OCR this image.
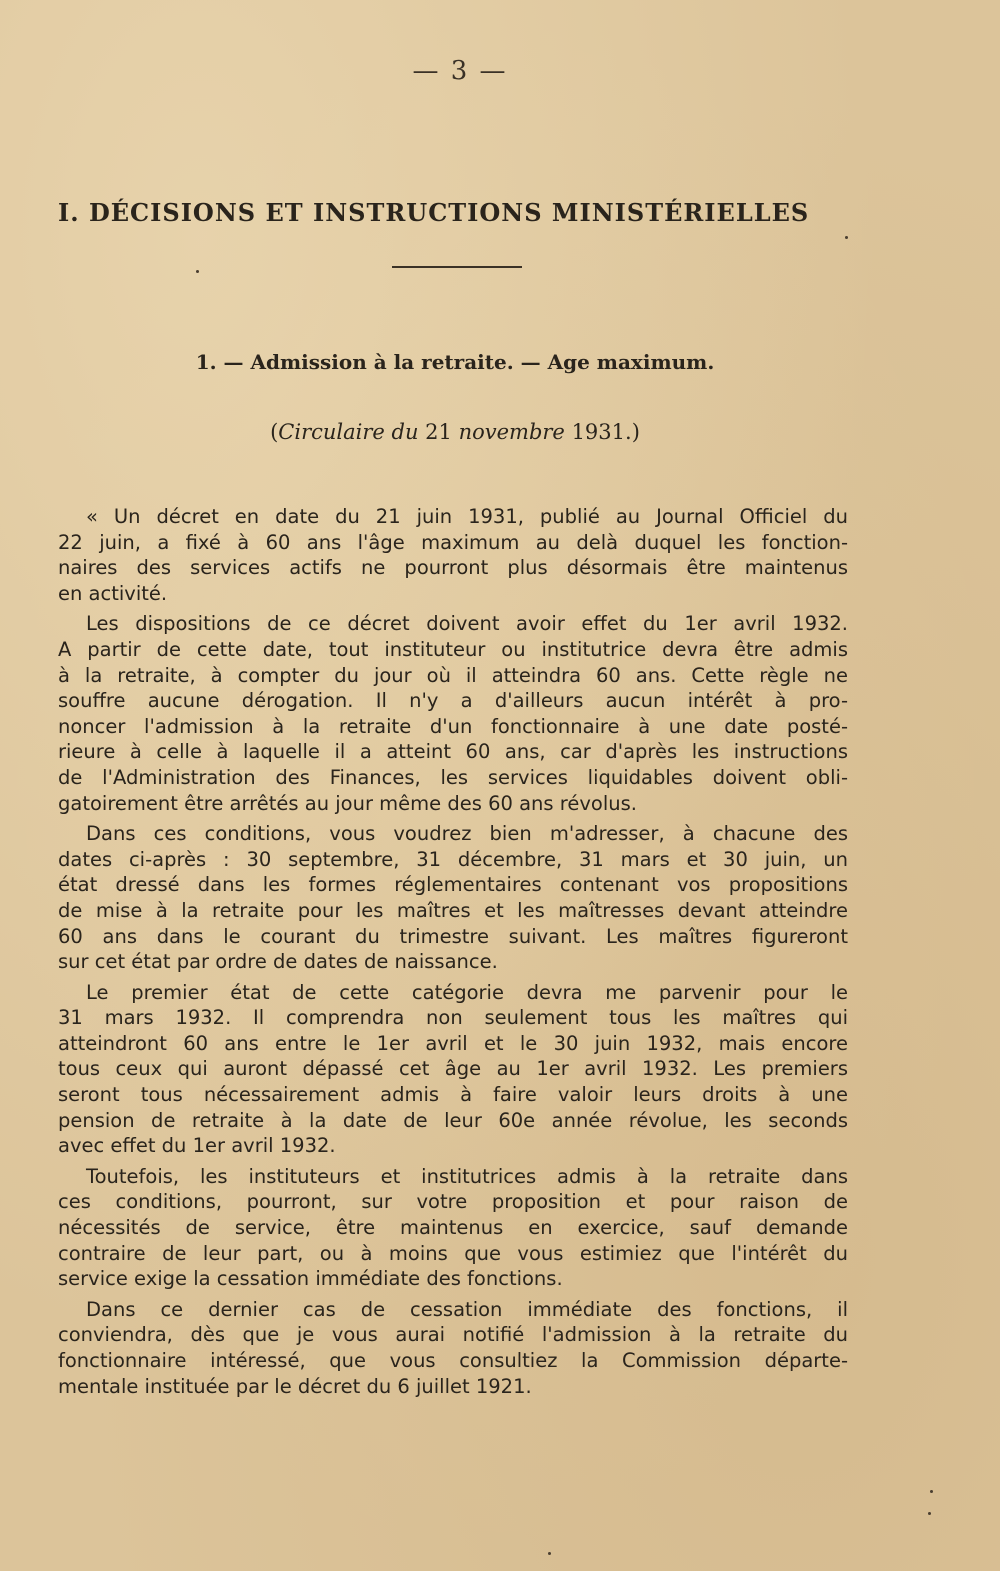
— 3 —
I. DÉCISIONS ET INSTRUCTIONS MINISTÉRIELLES
1. — Admission à la retraite. — Age maximum.
(Circulaire du 21 novembre 1931.)
« Un décret en date du 21 juin 1931, publié au Journal Officiel du
22 juin, a fixé à 60 ans l'âge maximum au delà duquel les fonction-
naires des services actifs ne pourront plus désormais être maintenus
en activité.
Les dispositions de ce décret doivent avoir effet du 1er avril 1932.
A partir de cette date, tout instituteur ou institutrice devra être admis
à la retraite, à compter du jour où il atteindra 60 ans. Cette règle ne
souffre aucune dérogation. Il n'y a d'ailleurs aucun intérêt à pro-
noncer l'admission à la retraite d'un fonctionnaire à une date posté-
rieure à celle à laquelle il a atteint 60 ans, car d'après les instructions
de l'Administration des Finances, les services liquidables doivent obli-
gatoirement être arrêtés au jour même des 60 ans révolus.
Dans ces conditions, vous voudrez bien m'adresser, à chacune des
dates ci-après : 30 septembre, 31 décembre, 31 mars et 30 juin, un
état dressé dans les formes réglementaires contenant vos propositions
de mise à la retraite pour les maîtres et les maîtresses devant atteindre
60 ans dans le courant du trimestre suivant. Les maîtres figureront
sur cet état par ordre de dates de naissance.
Le premier état de cette catégorie devra me parvenir pour le
31 mars 1932. Il comprendra non seulement tous les maîtres qui
atteindront 60 ans entre le 1er avril et le 30 juin 1932, mais encore
tous ceux qui auront dépassé cet âge au 1er avril 1932. Les premiers
seront tous nécessairement admis à faire valoir leurs droits à une
pension de retraite à la date de leur 60e année révolue, les seconds
avec effet du 1er avril 1932.
Toutefois, les instituteurs et institutrices admis à la retraite dans
ces conditions, pourront, sur votre proposition et pour raison de
nécessités de service, être maintenus en exercice, sauf demande
contraire de leur part, ou à moins que vous estimiez que l'intérêt du
service exige la cessation immédiate des fonctions.
Dans ce dernier cas de cessation immédiate des fonctions, il
conviendra, dès que je vous aurai notifié l'admission à la retraite du
fonctionnaire intéressé, que vous consultiez la Commission départe-
mentale instituée par le décret du 6 juillet 1921.
